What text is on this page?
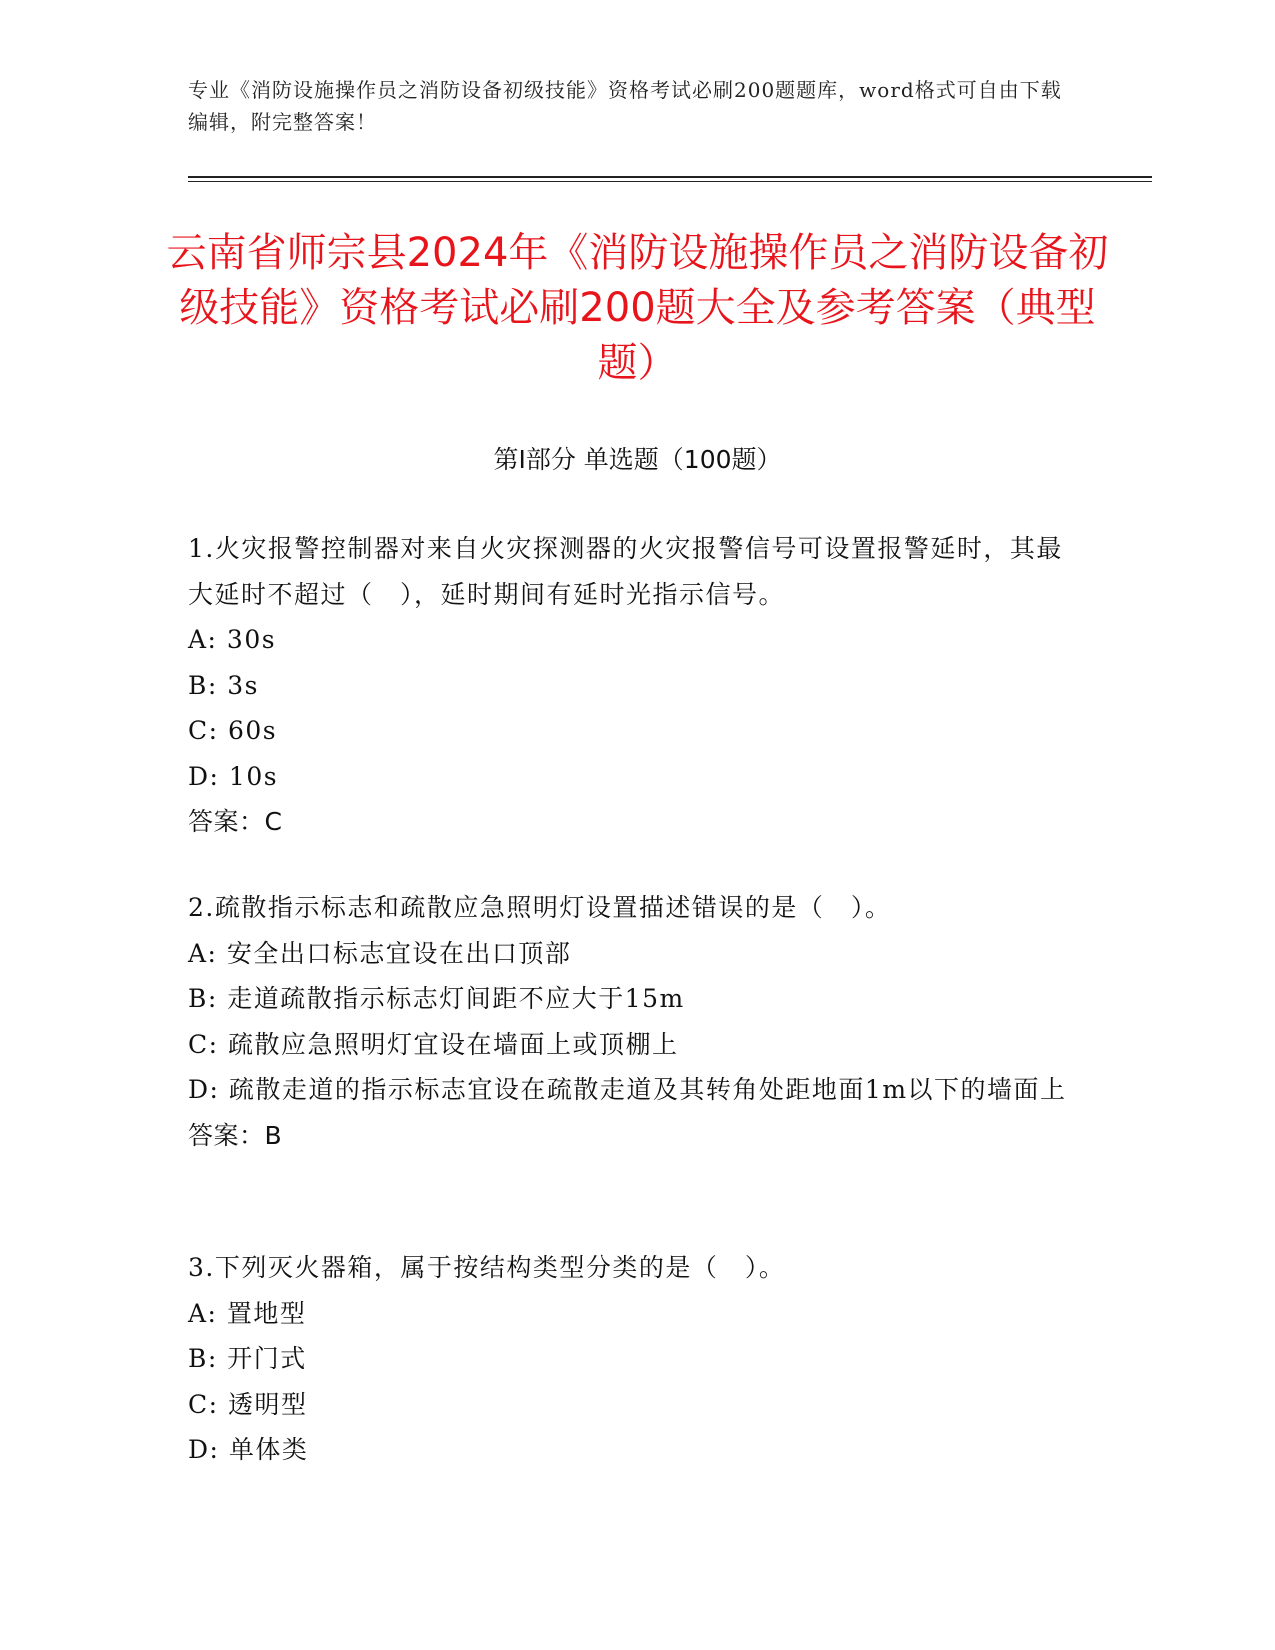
专业《消防设施操作员之消防设备初级技能》资格考试必刷200题题库，word格式可自由下载编辑，附完整答案！
云南省师宗县2024年《消防设施操作员之消防设备初级技能》资格考试必刷200题大全及参考答案（典型题）
第Ⅰ部分 单选题（100题）
1.火灾报警控制器对来自火灾探测器的火灾报警信号可设置报警延时，其最大延时不超过（　），延时期间有延时光指示信号。
A: 30s
B: 3s
C: 60s
D: 10s
答案：C
2.疏散指示标志和疏散应急照明灯设置描述错误的是（　）。
A: 安全出口标志宜设在出口顶部
B: 走道疏散指示标志灯间距不应大于15m
C: 疏散应急照明灯宜设在墙面上或顶棚上
D: 疏散走道的指示标志宜设在疏散走道及其转角处距地面1m以下的墙面上
答案：B
3.下列灭火器箱，属于按结构类型分类的是（　）。
A: 置地型
B: 开门式
C: 透明型
D: 单体类
